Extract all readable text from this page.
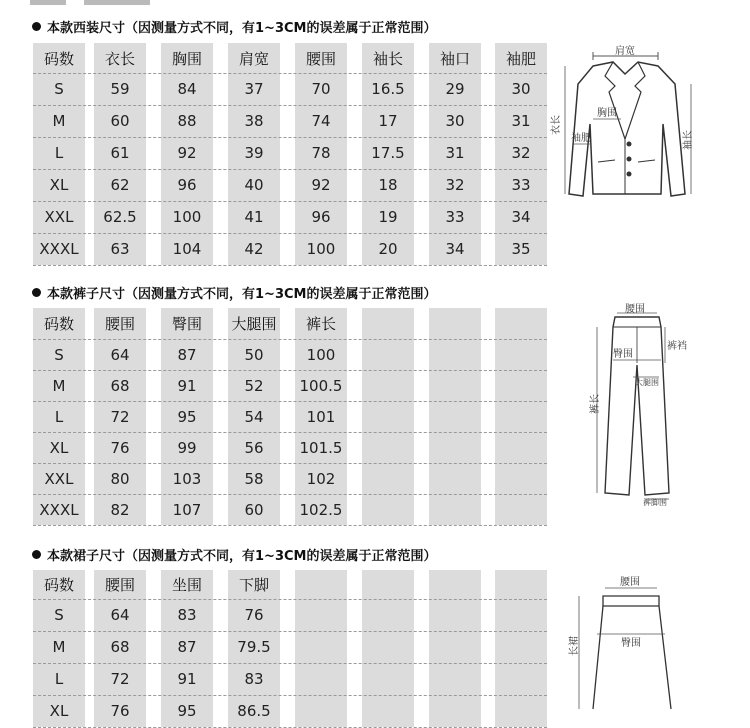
本款西装尺寸（因测量方式不同，有1~3CM的误差属于正常范围）
码数
S
M
L
XL
XXL
XXXL
衣长
59
60
61
62
62.5
63
胸围
84
88
92
96
100
104
肩宽
37
38
39
40
41
42
腰围
70
74
78
92
96
100
袖长
16.5
17
17.5
18
19
20
袖口
29
30
31
32
33
34
袖肥
30
31
32
33
34
35
肩宽
胸围
衣长
袖肥	袖长
本款裤子尺寸（因测量方式不同，有1~3CM的误差属于正常范围）
码数
S
M
L
XL
XXL
XXXL
腰围
64
68
72
76
80
82
臀围
87
91
95
99
103
107
大腿围
50
52
54
56
58
60
裤长
100
100.5
101
101.5
102
102.5
腰围
裤裆
臀围
大腿围
裤长
裤脚围
本款裙子尺寸（因测量方式不同，有1~3CM的误差属于正常范围）
码数
S
M
L
XL
腰围
64
68
72
76
坐围
83
87
91
95
下脚
76
79.5
83
86.5
腰围
臀围
长裙
